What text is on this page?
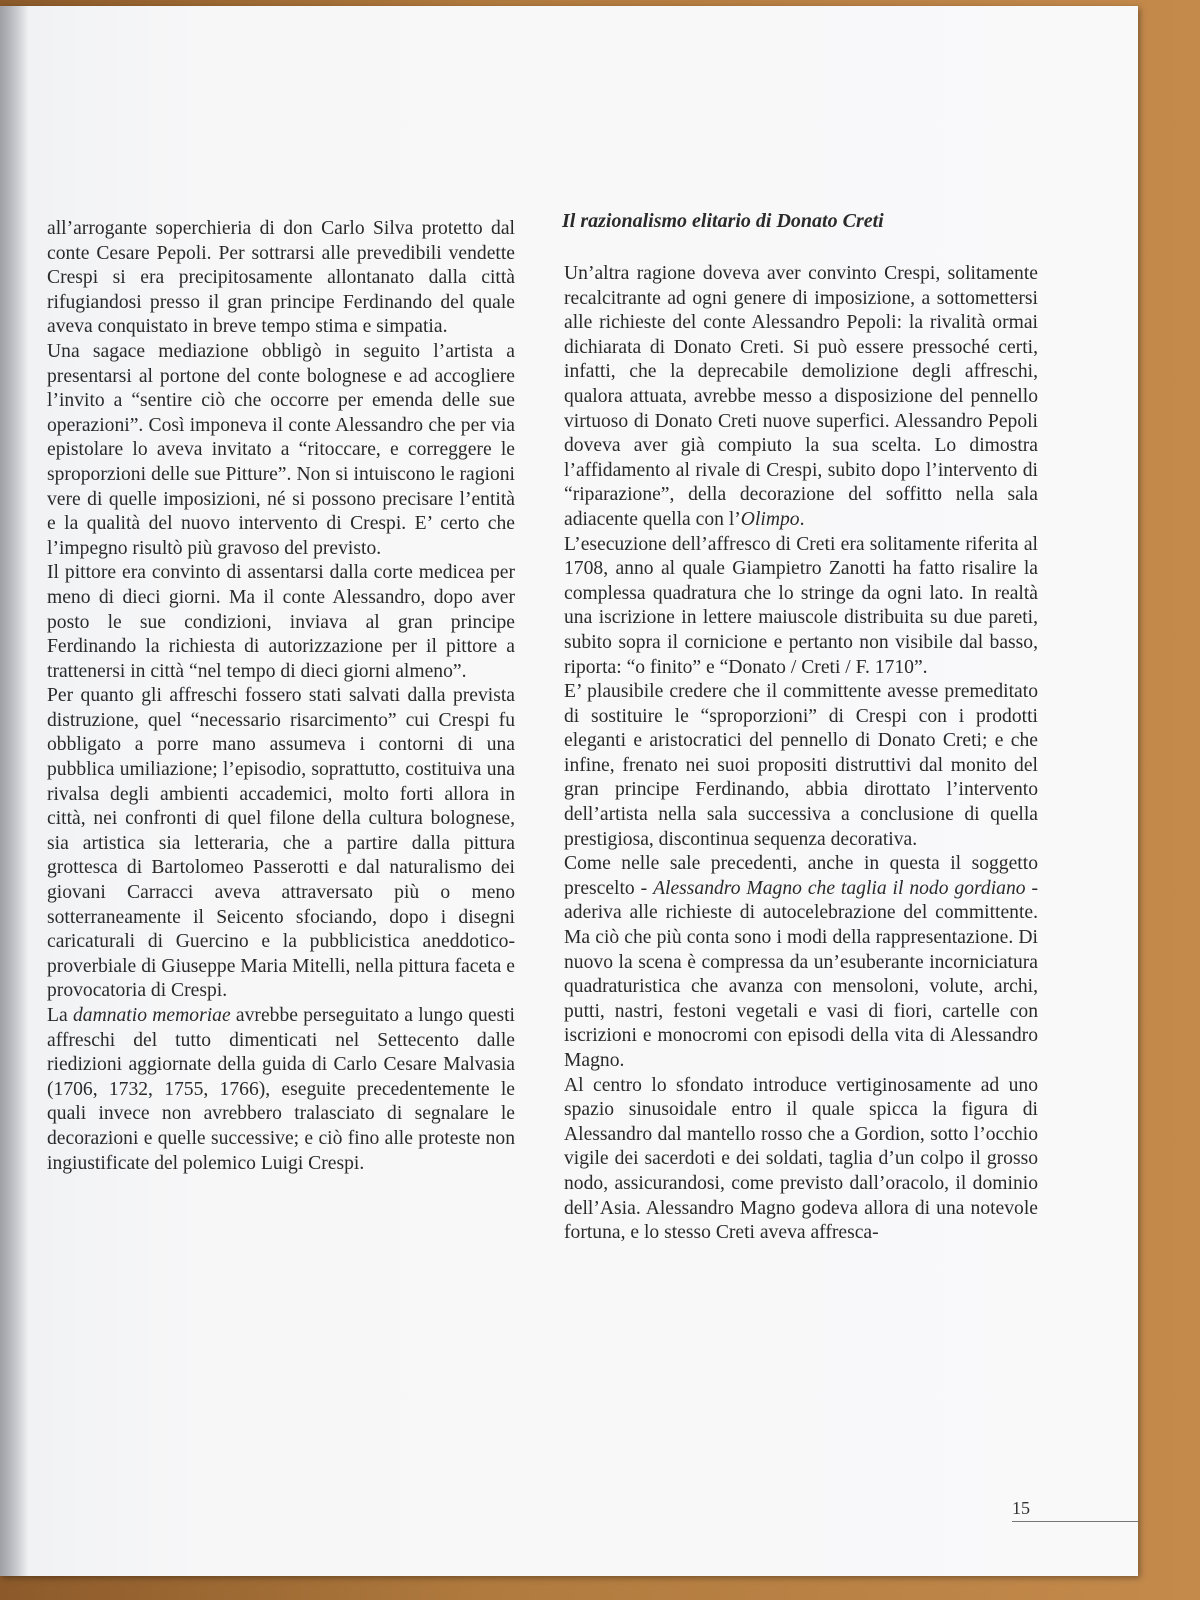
all’arrogante soperchieria di don Carlo Silva protetto dal conte Cesare Pepoli. Per sottrarsi alle prevedibili vendette Crespi si era precipitosamente allontanato dalla città rifugiandosi presso il gran principe Ferdinando del quale aveva conquistato in breve tempo stima e simpatia.

Una sagace mediazione obbligò in seguito l’artista a presentarsi al portone del conte bolognese e ad accogliere l’invito a “sentire ciò che occorre per emenda delle sue operazioni”. Così imponeva il conte Alessandro che per via epistolare lo aveva invitato a “ritoccare, e correggere le sproporzioni delle sue Pitture”. Non si intuiscono le ragioni vere di quelle imposizioni, né si possono precisare l’entità e la qualità del nuovo intervento di Crespi. E’ certo che l’impegno risultò più gravoso del previsto.

Il pittore era convinto di assentarsi dalla corte medicea per meno di dieci giorni. Ma il conte Alessandro, dopo aver posto le sue condizioni, inviava al gran principe Ferdinando la richiesta di autorizzazione per il pittore a trattenersi in città “nel tempo di dieci giorni almeno”.

Per quanto gli affreschi fossero stati salvati dalla prevista distruzione, quel “necessario risarcimento” cui Crespi fu obbligato a porre mano assumeva i contorni di una pubblica umiliazione; l’episodio, soprattutto, costituiva una rivalsa degli ambienti accademici, molto forti allora in città, nei confronti di quel filone della cultura bolognese, sia artistica sia letteraria, che a partire dalla pittura grottesca di Bartolomeo Passerotti e dal naturalismo dei giovani Carracci aveva attraversato più o meno sotterraneamente il Seicento sfociando, dopo i disegni caricaturali di Guercino e la pubblicistica aneddotico-proverbiale di Giuseppe Maria Mitelli, nella pittura faceta e provocatoria di Crespi.

La damnatio memoriae avrebbe perseguitato a lungo questi affreschi del tutto dimenticati nel Settecento dalle riedizioni aggiornate della guida di Carlo Cesare Malvasia (1706, 1732, 1755, 1766), eseguite precedentemente le quali invece non avrebbero tralasciato di segnalare le decorazioni e quelle successive; e ciò fino alle proteste non ingiustificate del polemico Luigi Crespi.

Il razionalismo elitario di Donato Creti

Un’altra ragione doveva aver convinto Crespi, solitamente recalcitrante ad ogni genere di imposizione, a sottomettersi alle richieste del conte Alessandro Pepoli: la rivalità ormai dichiarata di Donato Creti. Si può essere pressoché certi, infatti, che la deprecabile demolizione degli affreschi, qualora attuata, avrebbe messo a disposizione del pennello virtuoso di Donato Creti nuove superfici. Alessandro Pepoli doveva aver già compiuto la sua scelta. Lo dimostra l’affidamento al rivale di Crespi, subito dopo l’intervento di “riparazione”, della decorazione del soffitto nella sala adiacente quella con l’Olimpo.

L’esecuzione dell’affresco di Creti era solitamente riferita al 1708, anno al quale Giampietro Zanotti ha fatto risalire la complessa quadratura che lo stringe da ogni lato. In realtà una iscrizione in lettere maiuscole distribuita su due pareti, subito sopra il cornicione e pertanto non visibile dal basso, riporta: “o finito” e “Donato / Creti / F. 1710”.

E’ plausibile credere che il committente avesse premeditato di sostituire le “sproporzioni” di Crespi con i prodotti eleganti e aristocratici del pennello di Donato Creti; e che infine, frenato nei suoi propositi distruttivi dal monito del gran principe Ferdinando, abbia dirottato l’intervento dell’artista nella sala successiva a conclusione di quella prestigiosa, discontinua sequenza decorativa.

Come nelle sale precedenti, anche in questa il soggetto prescelto - Alessandro Magno che taglia il nodo gordiano - aderiva alle richieste di autocelebrazione del committente. Ma ciò che più conta sono i modi della rappresentazione. Di nuovo la scena è compressa da un’esuberante incorniciatura quadraturistica che avanza con mensoloni, volute, archi, putti, nastri, festoni vegetali e vasi di fiori, cartelle con iscrizioni e monocromi con episodi della vita di Alessandro Magno.

Al centro lo sfondato introduce vertiginosamente ad uno spazio sinusoidale entro il quale spicca la figura di Alessandro dal mantello rosso che a Gordion, sotto l’occhio vigile dei sacerdoti e dei soldati, taglia d’un colpo il grosso nodo, assicurandosi, come previsto dall’oracolo, il dominio dell’Asia. Alessandro Magno godeva allora di una notevole fortuna, e lo stesso Creti aveva affresca-

15
